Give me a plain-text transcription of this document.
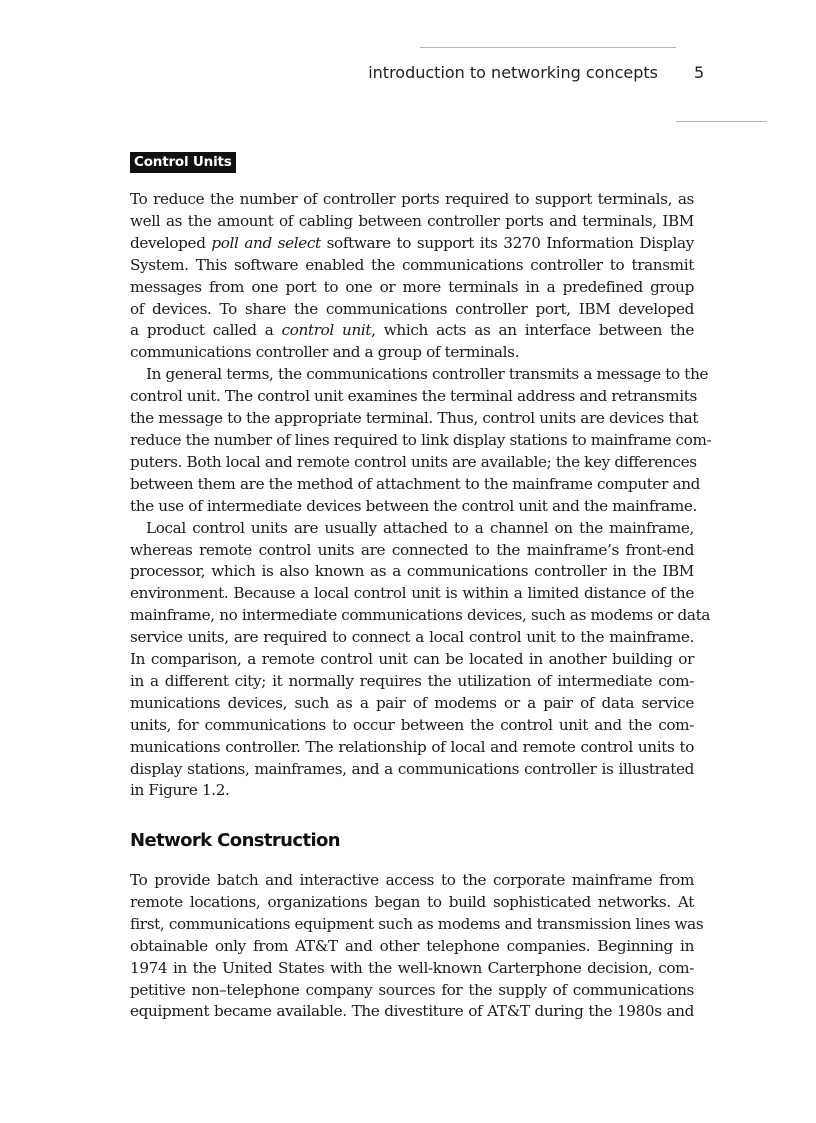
introduction to networking concepts 5
Control Units
To reduce the number of controller ports required to support terminals, as
well as the amount of cabling between controller ports and terminals, IBM
developed poll and select software to support its 3270 Information Display
System. This software enabled the communications controller to transmit
messages from one port to one or more terminals in a predefined group
of devices. To share the communications controller port, IBM developed
a product called a control unit, which acts as an interface between the
communications controller and a group of terminals.
In general terms, the communications controller transmits a message to the
control unit. The control unit examines the terminal address and retransmits
the message to the appropriate terminal. Thus, control units are devices that
reduce the number of lines required to link display stations to mainframe com-
puters. Both local and remote control units are available; the key differences
between them are the method of attachment to the mainframe computer and
the use of intermediate devices between the control unit and the mainframe.
Local control units are usually attached to a channel on the mainframe,
whereas remote control units are connected to the mainframe’s front-end
processor, which is also known as a communications controller in the IBM
environment. Because a local control unit is within a limited distance of the
mainframe, no intermediate communications devices, such as modems or data
service units, are required to connect a local control unit to the mainframe.
In comparison, a remote control unit can be located in another building or
in a different city; it normally requires the utilization of intermediate com-
munications devices, such as a pair of modems or a pair of data service
units, for communications to occur between the control unit and the com-
munications controller. The relationship of local and remote control units to
display stations, mainframes, and a communications controller is illustrated
in Figure 1.2.
Network Construction
To provide batch and interactive access to the corporate mainframe from
remote locations, organizations began to build sophisticated networks. At
first, communications equipment such as modems and transmission lines was
obtainable only from AT&T and other telephone companies. Beginning in
1974 in the United States with the well-known Carterphone decision, com-
petitive non–telephone company sources for the supply of communications
equipment became available. The divestiture of AT&T during the 1980s and
